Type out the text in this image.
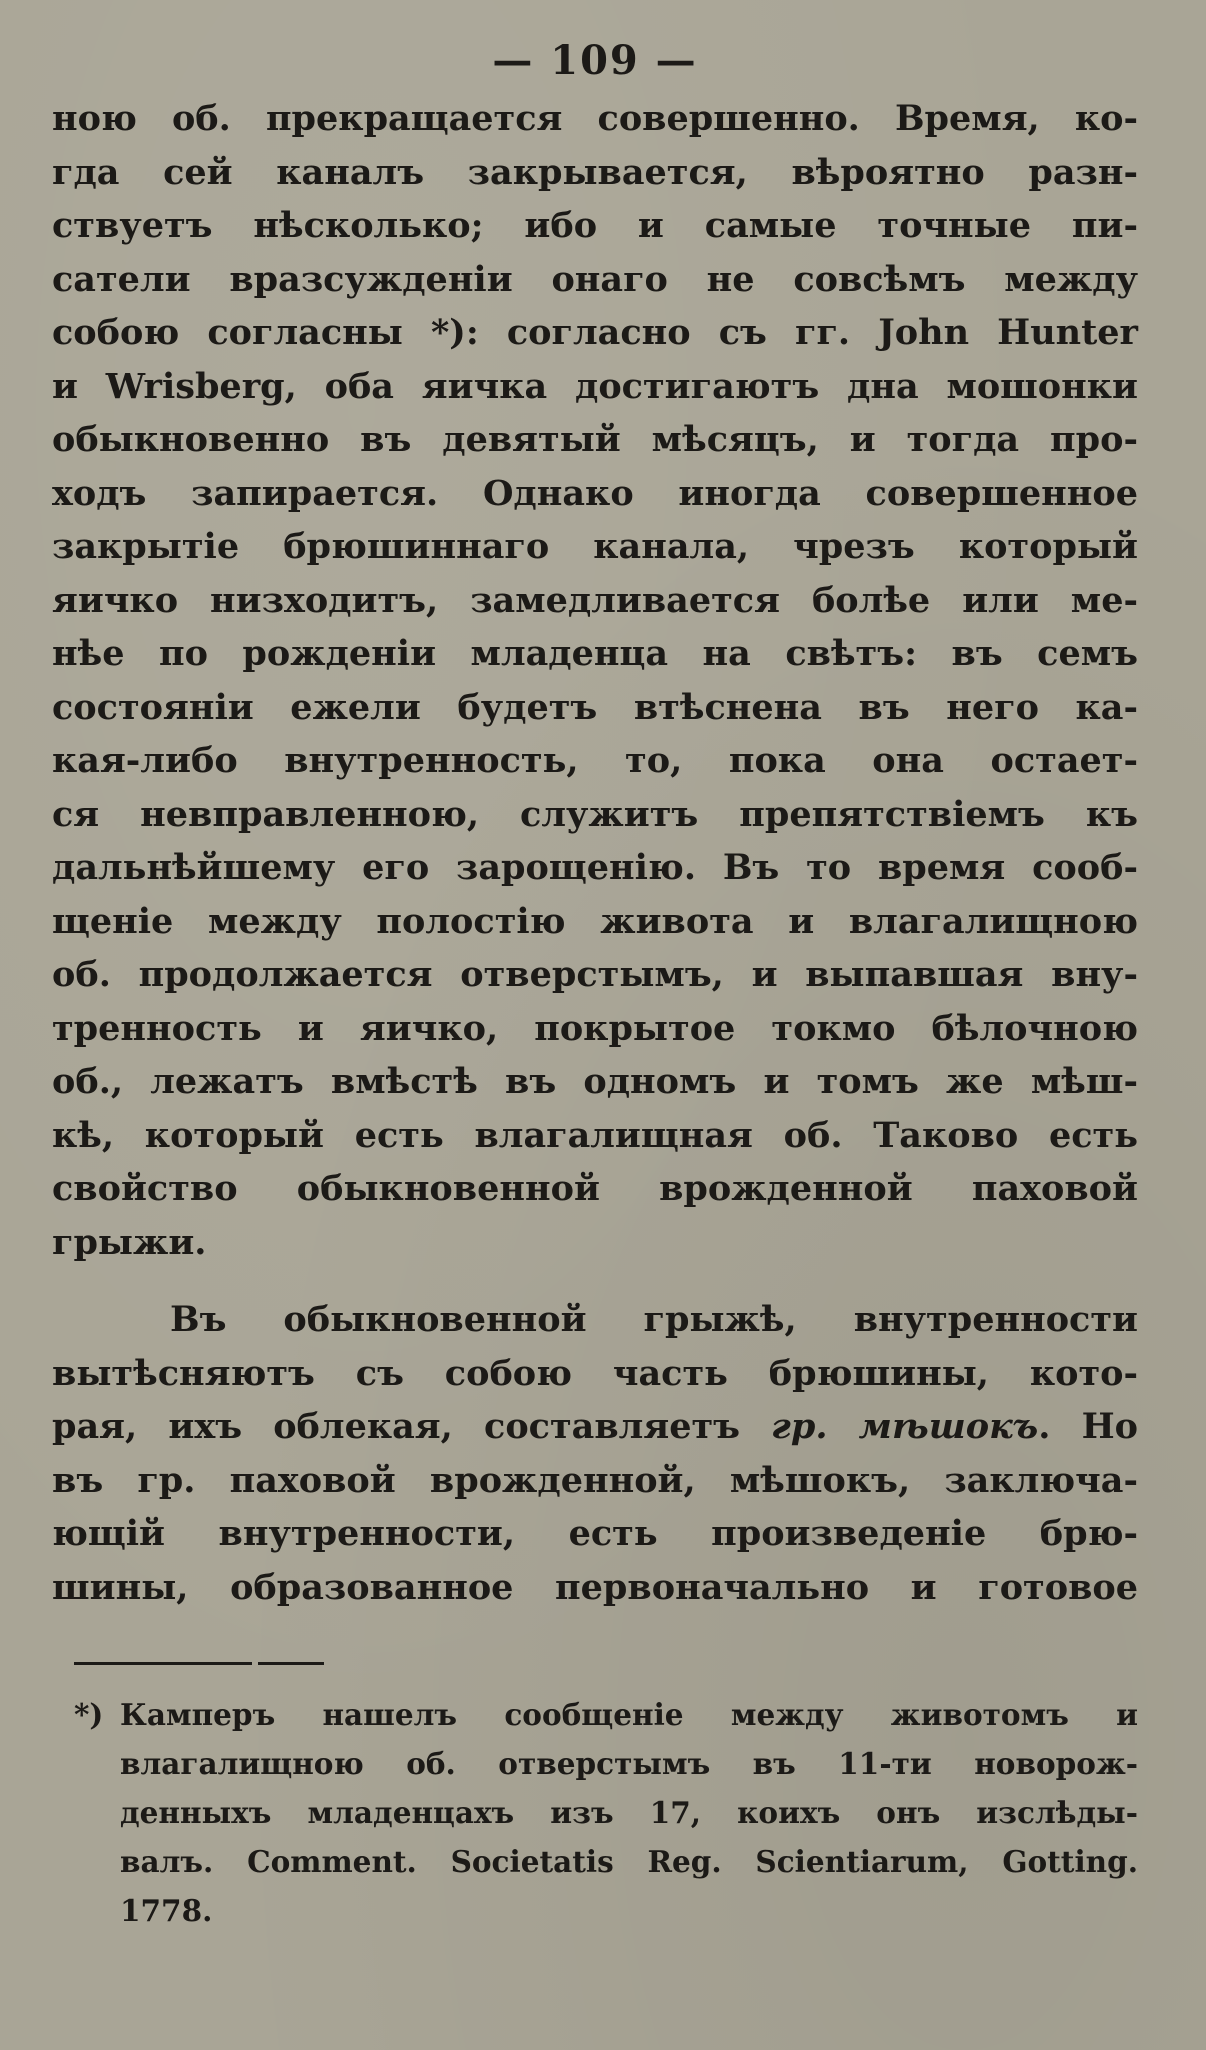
— 109 —
ною об. прекращается совершенно. Время, ко-
гда сей каналъ закрывается, вѣроятно разн-
ствуетъ нѣсколько; ибо и самые точные пи-
сатели вразсужденiи онаго не совсѣмъ между
собою согласны *): согласно съ гг. John Hunter
и Wrisberg, оба яичка достигаютъ дна мошонки
обыкновенно въ девятый мѣсяцъ, и тогда про-
ходъ запирается. Однако иногда совершенное
закрытiе брюшиннаго канала, чрезъ который
яичко низходитъ, замедливается болѣе или ме-
нѣе по рожденiи младенца на свѣтъ: въ семъ
состоянiи ежели будетъ втѣснена въ него ка-
кая-либо внутренность, то, пока она остает-
ся невправленною, служитъ препятствiемъ къ
дальнѣйшему его зарощенiю. Въ то время сооб-
щенiе между полостiю живота и влагалищною
об. продолжается отверстымъ, и выпавшая вну-
тренность и яичко, покрытое токмо бѣлочною
об., лежатъ вмѣстѣ въ одномъ и томъ же мѣш-
кѣ, который есть влагалищная об. Таково есть
свойство обыкновенной врожденной паховой
грыжи.
Въ обыкновенной грыжѣ, внутренности
вытѣсняютъ съ собою часть брюшины, кото-
рая, ихъ облекая, составляетъ гр. мѣшокъ. Но
въ гр. паховой врожденной, мѣшокъ, заключа-
ющiй внутренности, есть произведенiе брю-
шины, образованное первоначально и готовое
*) Камперъ нашелъ сообщенiе между животомъ и
влагалищною об. отверстымъ въ 11-ти новорож-
денныхъ младенцахъ изъ 17, коихъ онъ изслѣды-
валъ. Comment. Societatis Reg. Scientiarum, Gotting.
1778.
